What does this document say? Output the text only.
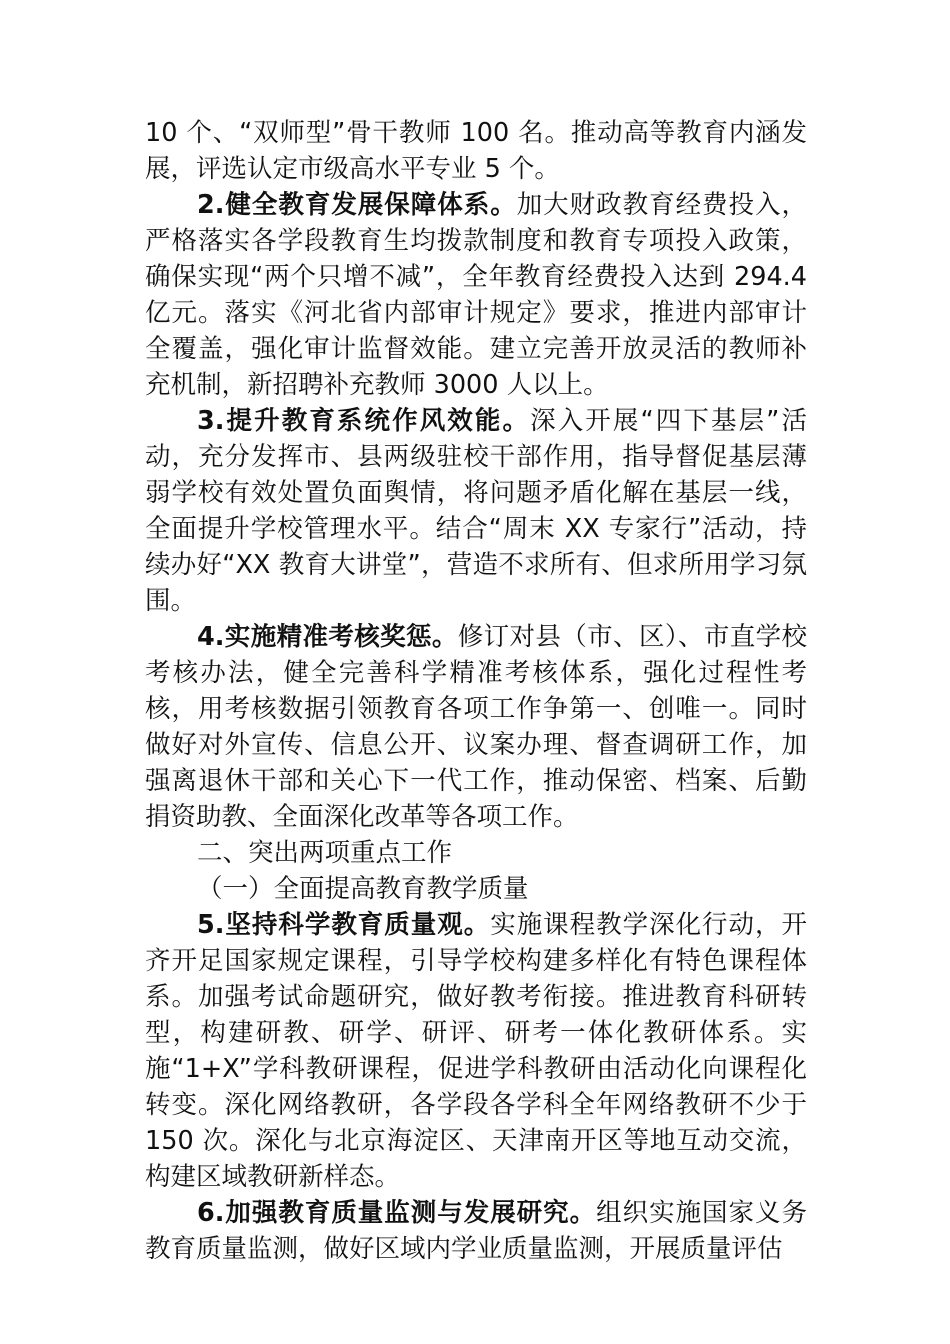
10 个、“双师型”骨干教师 100 名。推动高等教育内涵发展，评选认定市级高水平专业 5 个。

2.健全教育发展保障体系。加大财政教育经费投入，严格落实各学段教育生均拨款制度和教育专项投入政策，确保实现“两个只增不减”，全年教育经费投入达到 294.4 亿元。落实《河北省内部审计规定》要求，推进内部审计全覆盖，强化审计监督效能。建立完善开放灵活的教师补充机制，新招聘补充教师 3000 人以上。

3.提升教育系统作风效能。深入开展“四下基层”活动，充分发挥市、县两级驻校干部作用，指导督促基层薄弱学校有效处置负面舆情，将问题矛盾化解在基层一线，全面提升学校管理水平。结合“周末 XX 专家行”活动，持续办好“XX 教育大讲堂”，营造不求所有、但求所用学习氛围。

4.实施精准考核奖惩。修订对县（市、区）、市直学校考核办法，健全完善科学精准考核体系，强化过程性考核，用考核数据引领教育各项工作争第一、创唯一。同时做好对外宣传、信息公开、议案办理、督查调研工作，加强离退休干部和关心下一代工作，推动保密、档案、后勤捐资助教、全面深化改革等各项工作。

二、突出两项重点工作

（一）全面提高教育教学质量

5.坚持科学教育质量观。实施课程教学深化行动，开齐开足国家规定课程，引导学校构建多样化有特色课程体系。加强考试命题研究，做好教考衔接。推进教育科研转型，构建研教、研学、研评、研考一体化教研体系。实施“1+X”学科教研课程，促进学科教研由活动化向课程化转变。深化网络教研，各学段各学科全年网络教研不少于 150 次。深化与北京海淀区、天津南开区等地互动交流，构建区域教研新样态。

6.加强教育质量监测与发展研究。组织实施国家义务教育质量监测，做好区域内学业质量监测，开展质量评估
